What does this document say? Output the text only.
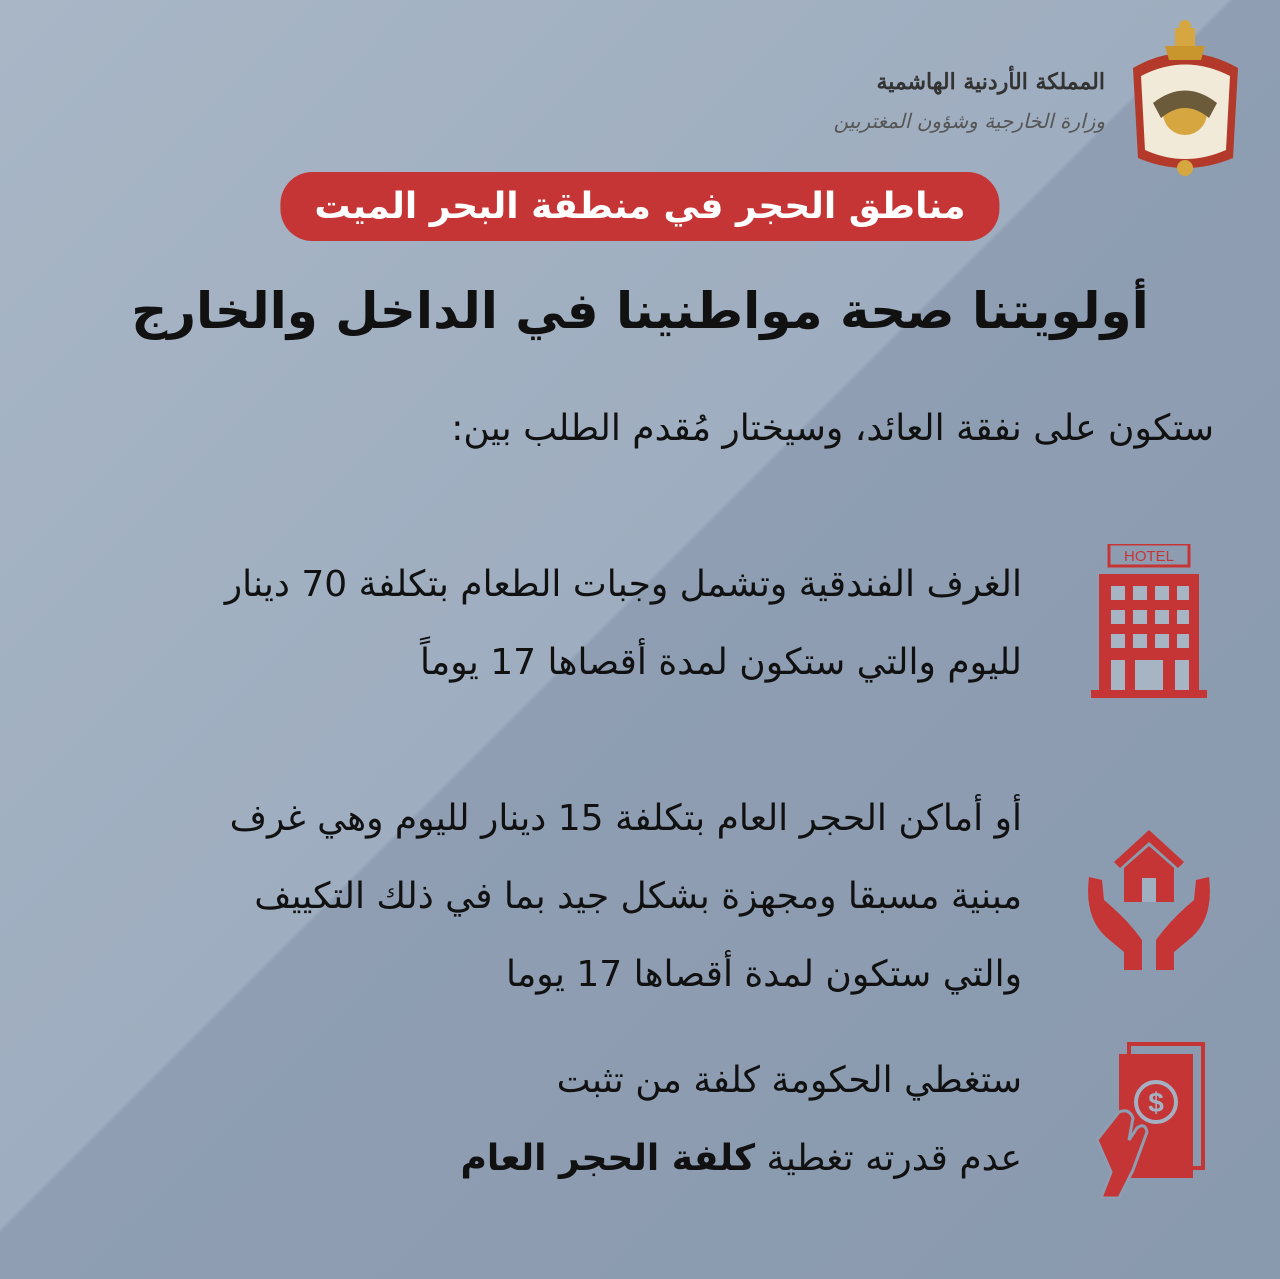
المملكة الأردنية الهاشمية
وزارة الخارجية وشؤون المغتربين
مناطق الحجر في منطقة البحر الميت
أولويتنا صحة مواطنينا في الداخل والخارج
ستكون على نفقة العائد، وسيختار مُقدم الطلب بين:
HOTEL
الغرف الفندقية وتشمل وجبات الطعام بتكلفة 70 دينار
لليوم والتي ستكون لمدة أقصاها 17 يوماً
أو أماكن الحجر العام بتكلفة 15 دينار لليوم وهي غرف
مبنية مسبقا ومجهزة بشكل جيد بما في ذلك التكييف
والتي ستكون لمدة أقصاها 17 يوما
$
ستغطي الحكومة كلفة من تثبت
عدم قدرته تغطية كلفة الحجر العام
